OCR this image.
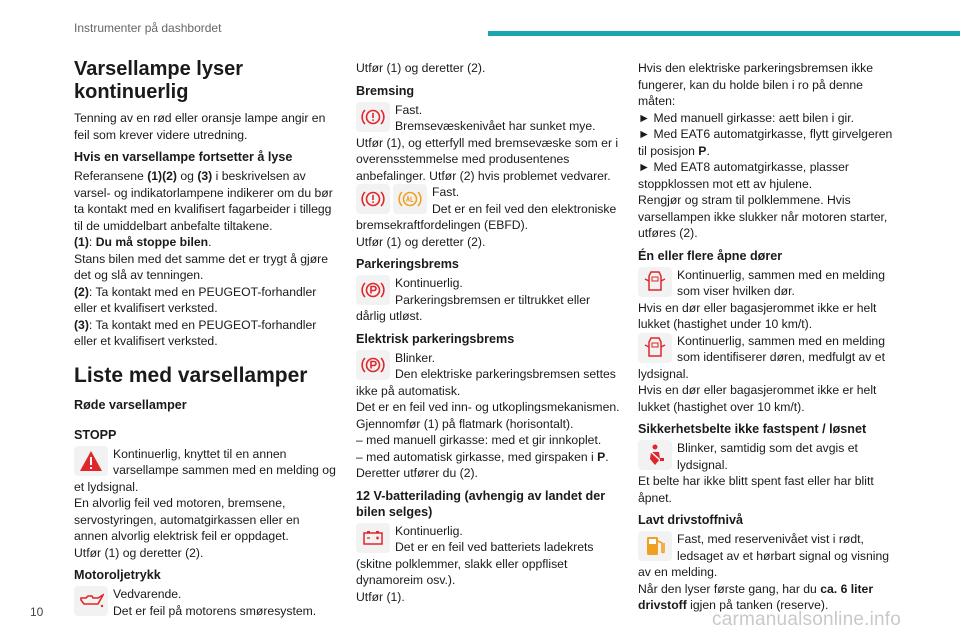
Instrumenter på dashbordet
Varsellampe lyser kontinuerlig

Tenning av en rød eller oransje lampe angir en feil som krever videre utredning.

Hvis en varsellampe fortsetter å lyse

Referansene (1)(2) og (3) i beskrivelsen av varsel- og indikatorlampene indikerer om du bør ta kontakt med en kvalifisert fagarbeider i tillegg til de umiddelbart anbefalte tiltakene.

(1): Du må stoppe bilen.

Stans bilen med det samme det er trygt å gjøre det og slå av tenningen.

(2): Ta kontakt med en PEUGEOT-forhandler eller et kvalifisert verksted.

(3): Ta kontakt med en PEUGEOT-forhandler eller et kvalifisert verksted.

Liste med varsellamper
Røde varsellamper
STOPP

Kontinuerlig, knyttet til en annen varsellampe sammen med en melding og et lydsignal.

En alvorlig feil ved motoren, bremsene, servostyringen, automatgirkassen eller en annen alvorlig elektrisk feil er oppdaget.

Utfør (1) og deretter (2).

Motoroljetrykk

Vedvarende.

Det er feil på motorens smøresystem.

Utfør (1) og deretter (2).

Bremsing

Fast.

Bremsevæskenivået har sunket mye.

Utfør (1), og etterfyll med bremsevæske som er i overensstemmelse med produsentenes anbefalinger. Utfør (2) hvis problemet vedvarer.

Fast.

Det er en feil ved den elektroniske bremsekraftfordelingen (EBFD).

Utfør (1) og deretter (2).

Parkeringsbrems

Kontinuerlig.

Parkeringsbremsen er tiltrukket eller dårlig utløst.

Elektrisk parkeringsbrems

Blinker.

Den elektriske parkeringsbremsen settes ikke på automatisk.

Det er en feil ved inn- og utkoplingsmekanismen.

Gjennomfør (1) på flatmark (horisontalt).

– med manuell girkasse: med et gir innkoplet.

– med automatisk girkasse, med girspaken i P.

Deretter utfører du (2).

12 V-batterilading (avhengig av landet der bilen selges)

Kontinuerlig.

Det er en feil ved batteriets ladekrets (skitne polklemmer, slakk eller oppfliset dynamoreim osv.).

Utfør (1).

Hvis den elektriske parkeringsbremsen ikke fungerer, kan du holde bilen i ro på denne måten:

► Med manuell girkasse: aett bilen i gir.

► Med EAT6 automatgirkasse, flytt girvelgeren til posisjon P.

► Med EAT8 automatgirkasse, plasser stoppklossen mot ett av hjulene.

Rengjør og stram til polklemmene. Hvis varsellampen ikke slukker når motoren starter, utføres (2).

Én eller flere åpne dører

Kontinuerlig, sammen med en melding som viser hvilken dør.

Hvis en dør eller bagasjerommet ikke er helt lukket (hastighet under 10 km/t).

Kontinuerlig, sammen med en melding som identifiserer døren, medfulgt av et lydsignal.

Hvis en dør eller bagasjerommet ikke er helt lukket (hastighet over 10 km/t).

Sikkerhetsbelte ikke fastspent / løsnet

Blinker, samtidig som det avgis et lydsignal.

Et belte har ikke blitt spent fast eller har blitt åpnet.

Lavt drivstoffnivå

Fast, med reservenivået vist i rødt, ledsaget av et hørbart signal og visning av en melding.

Når den lyser første gang, har du ca. 6 liter drivstoff igjen på tanken (reserve).

10	carmanualsonline.info
